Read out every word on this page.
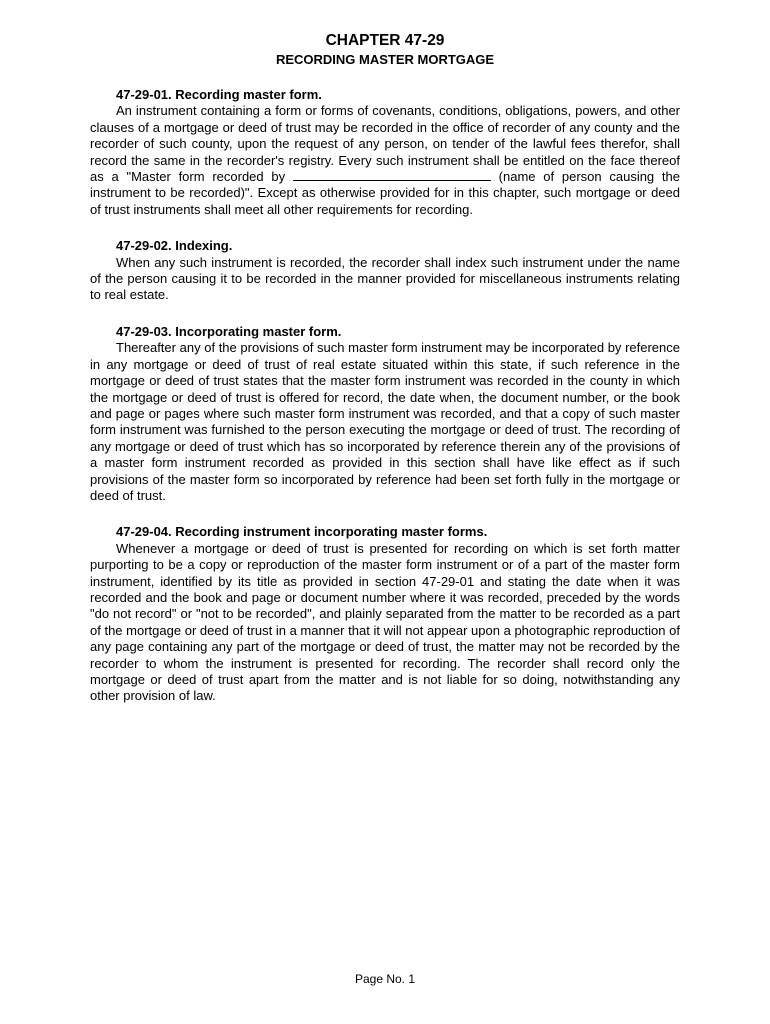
CHAPTER 47-29
RECORDING MASTER MORTGAGE

47-29-01. Recording master form.

An instrument containing a form or forms of covenants, conditions, obligations, powers, and other clauses of a mortgage or deed of trust may be recorded in the office of recorder of any county and the recorder of such county, upon the request of any person, on tender of the lawful fees therefor, shall record the same in the recorder's registry. Every such instrument shall be entitled on the face thereof as a "Master form recorded by	(name of person causing the instrument to be recorded)". Except as otherwise provided for in this chapter, such mortgage or deed of trust instruments shall meet all other requirements for recording.

47-29-02. Indexing.

When any such instrument is recorded, the recorder shall index such instrument under the name of the person causing it to be recorded in the manner provided for miscellaneous instruments relating to real estate.

47-29-03. Incorporating master form.

Thereafter any of the provisions of such master form instrument may be incorporated by reference in any mortgage or deed of trust of real estate situated within this state, if such reference in the mortgage or deed of trust states that the master form instrument was recorded in the county in which the mortgage or deed of trust is offered for record, the date when, the document number, or the book and page or pages where such master form instrument was recorded, and that a copy of such master form instrument was furnished to the person executing the mortgage or deed of trust. The recording of any mortgage or deed of trust which has so incorporated by reference therein any of the provisions of a master form instrument recorded as provided in this section shall have like effect as if such provisions of the master form so incorporated by reference had been set forth fully in the mortgage or deed of trust.

47-29-04. Recording instrument incorporating master forms.

Whenever a mortgage or deed of trust is presented for recording on which is set forth matter purporting to be a copy or reproduction of the master form instrument or of a part of the master form instrument, identified by its title as provided in section 47-29-01 and stating the date when it was recorded and the book and page or document number where it was recorded, preceded by the words "do not record" or "not to be recorded", and plainly separated from the matter to be recorded as a part of the mortgage or deed of trust in a manner that it will not appear upon a photographic reproduction of any page containing any part of the mortgage or deed of trust, the matter may not be recorded by the recorder to whom the instrument is presented for recording. The recorder shall record only the mortgage or deed of trust apart from the matter and is not liable for so doing, notwithstanding any other provision of law.

Page No. 1
